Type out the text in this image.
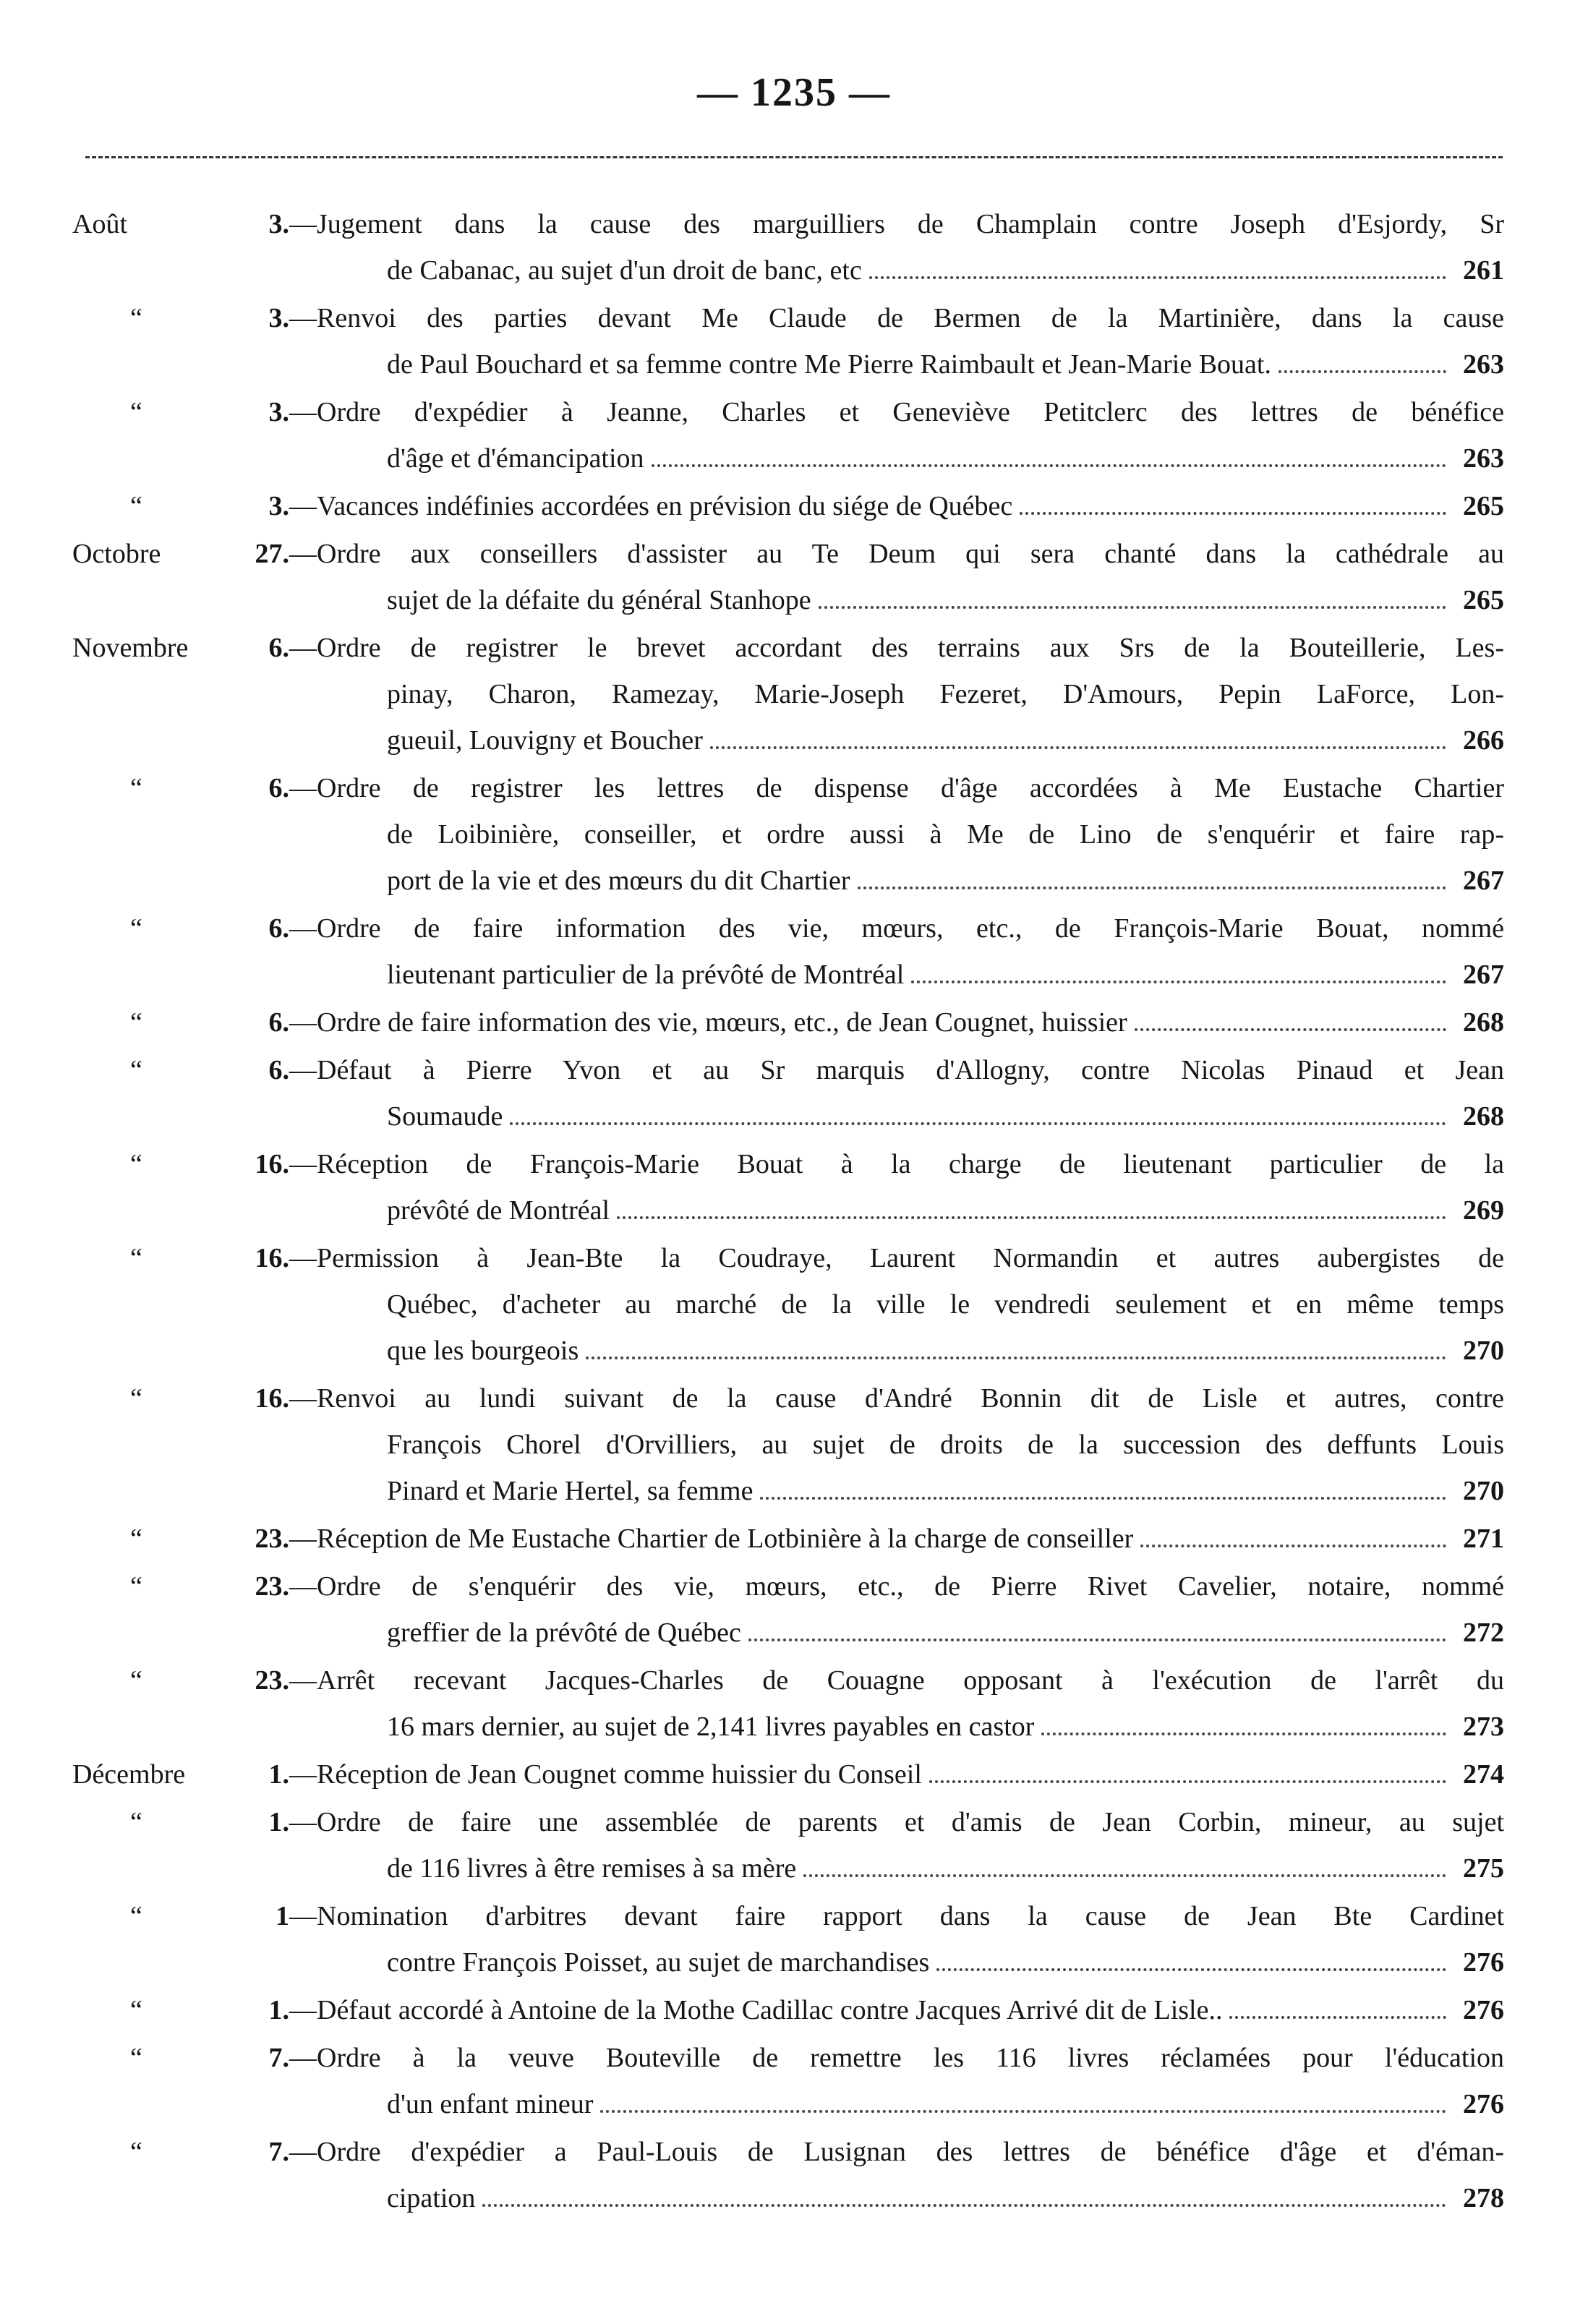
— 1235 —
Août	3. —Jugement dans la cause des marguilliers de Champlain contre Joseph d'Esjordy, Sr
de Cabanac, au sujet d'un droit de banc, etc	261
“	3. —Renvoi des parties devant Me Claude de Bermen de la Martinière, dans la cause
de Paul Bouchard et sa femme contre Me Pierre Raimbault et Jean-Marie Bouat.	263
“	3. —Ordre d'expédier à Jeanne, Charles et Geneviève Petitclerc des lettres de bénéfice
d'âge et d'émancipation	263
“	3. —Vacances indéfinies accordées en prévision du siége de Québec	265
Octobre	27. —Ordre aux conseillers d'assister au Te Deum qui sera chanté dans la cathédrale au
sujet de la défaite du général Stanhope	265
Novembre	6. —Ordre de registrer le brevet accordant des terrains aux Srs de la Bouteillerie, Les-
pinay, Charon, Ramezay, Marie-Joseph Fezeret, D'Amours, Pepin LaForce, Lon-
gueuil, Louvigny et Boucher	266
“	6. —Ordre de registrer les lettres de dispense d'âge accordées à Me Eustache Chartier
de Loibinière, conseiller, et ordre aussi à Me de Lino de s'enquérir et faire rap-
port de la vie et des mœurs du dit Chartier	267
“	6. —Ordre de faire information des vie, mœurs, etc., de François-Marie Bouat, nommé
lieutenant particulier de la prévôté de Montréal	267
“	6. —Ordre de faire information des vie, mœurs, etc., de Jean Cougnet, huissier	268
“	6. —Défaut à Pierre Yvon et au Sr marquis d'Allogny, contre Nicolas Pinaud et Jean
Soumaude	268
“	16. —Réception de François-Marie Bouat à la charge de lieutenant particulier de la
prévôté de Montréal	269
“	16. —Permission à Jean-Bte la Coudraye, Laurent Normandin et autres aubergistes de
Québec, d'acheter au marché de la ville le vendredi seulement et en même temps
que les bourgeois	270
“	16. —Renvoi au lundi suivant de la cause d'André Bonnin dit de Lisle et autres, contre
François Chorel d'Orvilliers, au sujet de droits de la succession des deffunts Louis
Pinard et Marie Hertel, sa femme	270
“	23. —Réception de Me Eustache Chartier de Lotbinière à la charge de conseiller	271
“	23. —Ordre de s'enquérir des vie, mœurs, etc., de Pierre Rivet Cavelier, notaire, nommé
greffier de la prévôté de Québec	272
“	23. —Arrêt recevant Jacques-Charles de Couagne opposant à l'exécution de l'arrêt du
16 mars dernier, au sujet de 2,141 livres payables en castor	273
Décembre	1. —Réception de Jean Cougnet comme huissier du Conseil	274
“	1. —Ordre de faire une assemblée de parents et d'amis de Jean Corbin, mineur, au sujet
de 116 livres à être remises à sa mère	275
“	1 —Nomination d'arbitres devant faire rapport dans la cause de Jean Bte Cardinet
contre François Poisset, au sujet de marchandises	276
“	1. —Défaut accordé à Antoine de la Mothe Cadillac contre Jacques Arrivé dit de Lisle..	276
“	7. —Ordre à la veuve Bouteville de remettre les 116 livres réclamées pour l'éducation
d'un enfant mineur	276
“	7. —Ordre d'expédier a Paul-Louis de Lusignan des lettres de bénéfice d'âge et d'éman-
cipation	278
